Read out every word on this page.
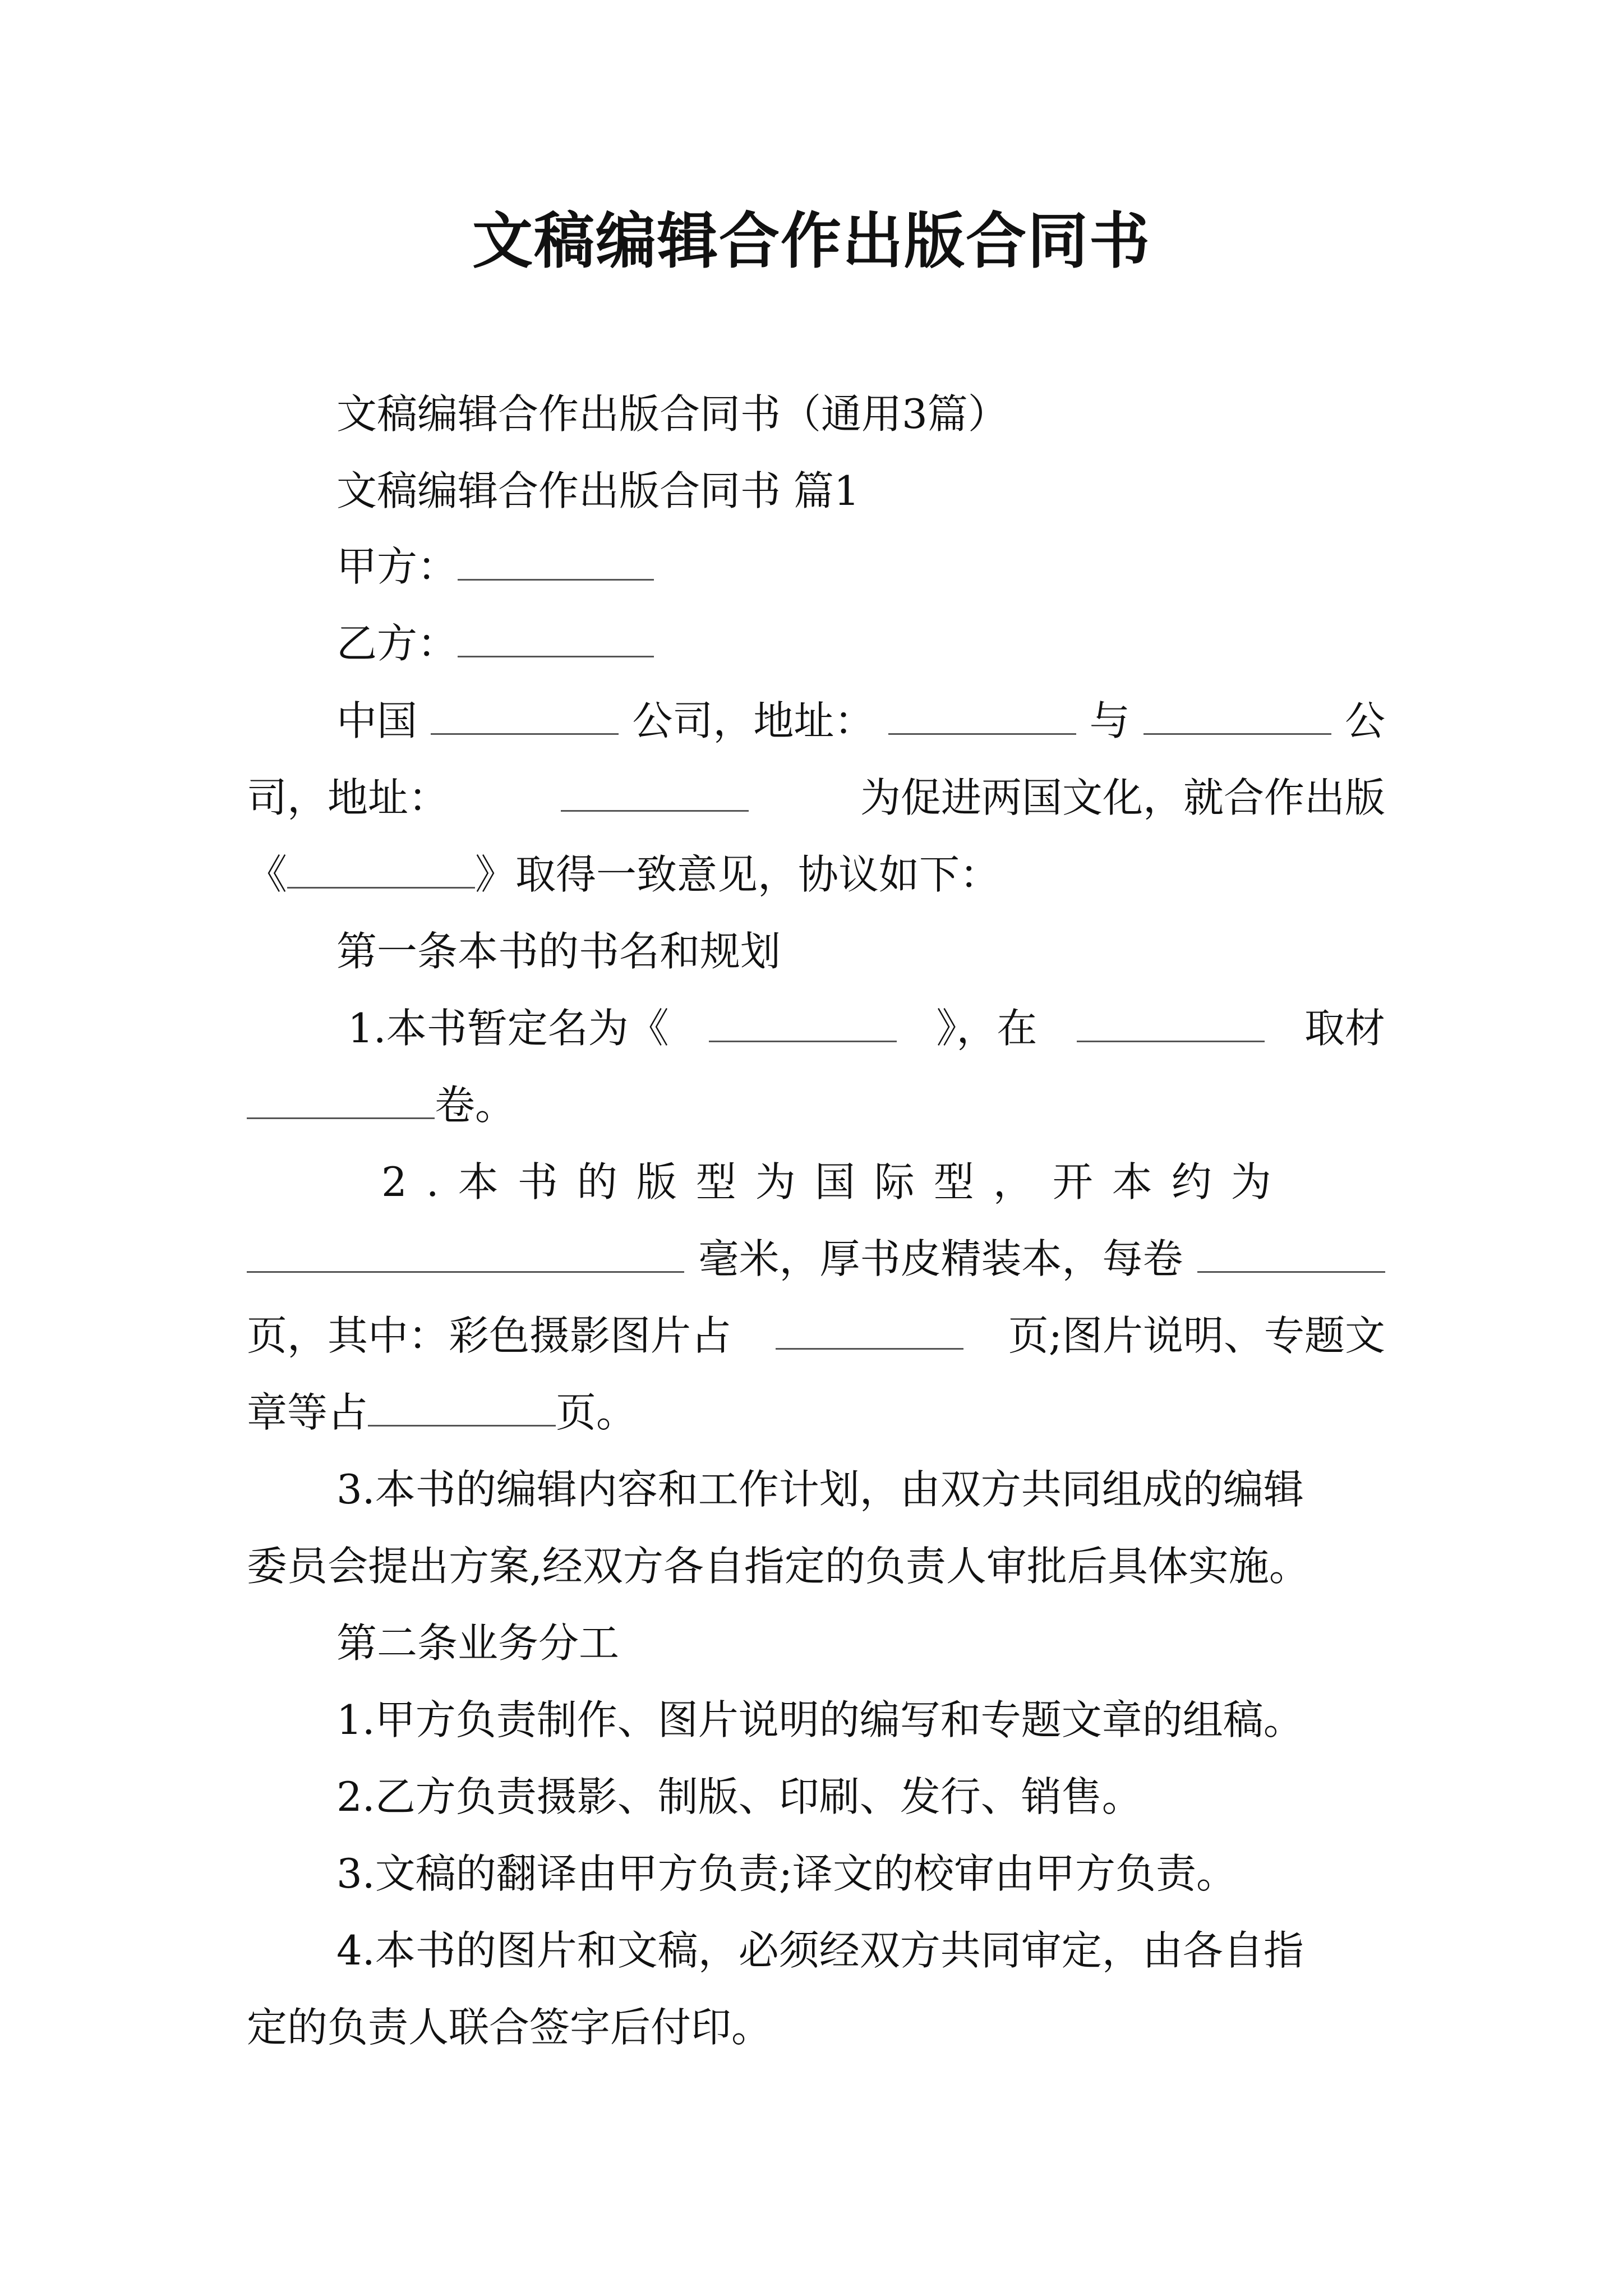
文稿编辑合作出版合同书
文稿编辑合作出版合同书（通用3篇）
文稿编辑合作出版合同书 篇1
甲方：
乙方：
中国	公司，地址：	与	公
司，地址：	为促进两国文化，就合作出版
《	》取得一致意见，协议如下：
第一条本书的书名和规划
1.本书暂定名为《	》，在	取材
卷。
2.本书的版型为国际型，开本约为
毫米，厚书皮精装本，每卷
页，其中：彩色摄影图片占	页;图片说明、专题文
章等占	页。
3.本书的编辑内容和工作计划，由双方共同组成的编辑
委员会提出方案,经双方各自指定的负责人审批后具体实施。
第二条业务分工
1.甲方负责制作、图片说明的编写和专题文章的组稿。
2.乙方负责摄影、制版、印刷、发行、销售。
3.文稿的翻译由甲方负责;译文的校审由甲方负责。
4.本书的图片和文稿，必须经双方共同审定，由各自指
定的负责人联合签字后付印。
